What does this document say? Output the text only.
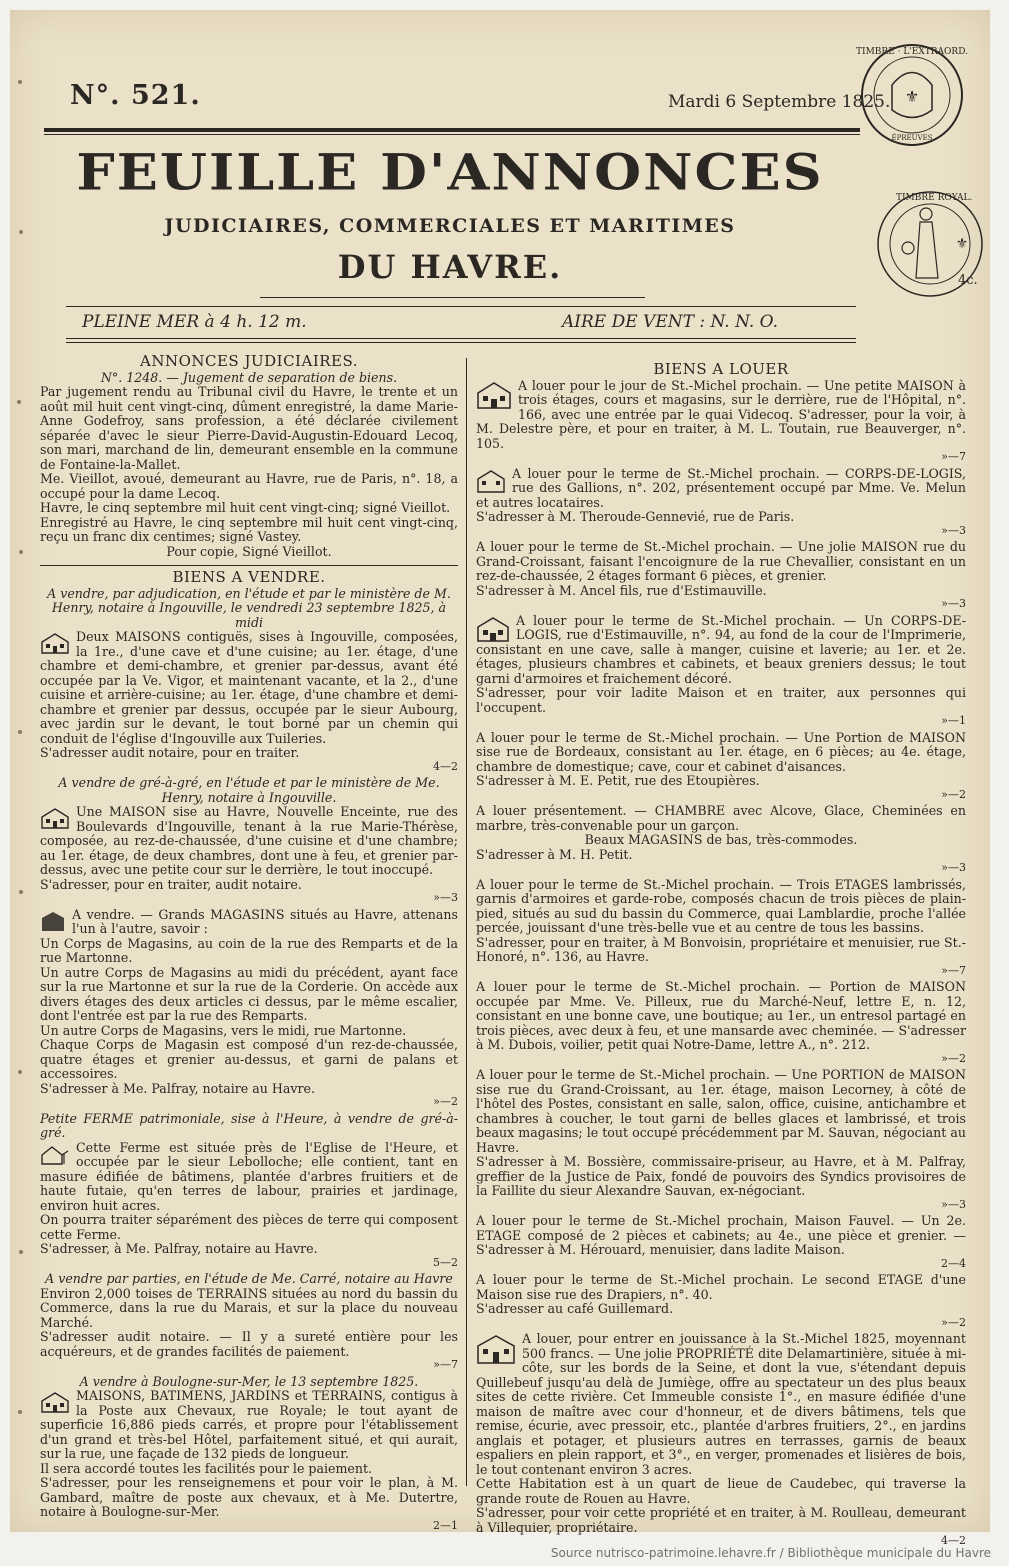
N°. 521.	Mardi 6 Septembre 1825.
FEUILLE D'ANNONCES
JUDICIAIRES, COMMERCIALES ET MARITIMES
DU HAVRE.
PLEINE MER à 4 h. 12 m.	AIRE DE VENT : N. N. O.
⚜
TIMBRE · L'EXTRAORD.
ÉPREUVES
⚜
4c.
TIMBRE ROYAL.
ANNONCES JUDICIAIRES.

N°. 1248. — Jugement de separation de biens.

Par jugement rendu au Tribunal civil du Havre, le trente et un août mil huit cent vingt-cinq, dûment enregistré, la dame Marie-Anne Godefroy, sans profession, a été déclarée civilement séparée d'avec le sieur Pierre-David-Augustin-Edouard Lecoq, son mari, marchand de lin, demeurant ensemble en la commune de Fontaine-la-Mallet.

Me. Vieillot, avoué, demeurant au Havre, rue de Paris, n°. 18, a occupé pour la dame Lecoq.

Havre, le cinq septembre mil huit cent vingt-cinq; signé Vieillot.

Enregistré au Havre, le cinq septembre mil huit cent vingt-cinq, reçu un franc dix centimes; signé Vastey.

Pour copie, Signé Vieillot.

BIENS A VENDRE.

A vendre, par adjudication, en l'étude et par le ministère de M. Henry, notaire à Ingouville, le vendredi 23 septembre 1825, à midi

Deux MAISONS contiguës, sises à Ingouville, composées, la 1re., d'une cave et d'une cuisine; au 1er. étage, d'une chambre et demi-chambre, et grenier par-dessus, avant été occupée par la Ve. Vigor, et maintenant vacante, et la 2., d'une cuisine et arrière-cuisine; au 1er. étage, d'une chambre et demi-chambre et grenier par dessus, occupée par le sieur Aubourg, avec jardin sur le devant, le tout borné par un chemin qui conduit de l'église d'Ingouville aux Tuileries.

S'adresser audit notaire, pour en traiter.

4—2

A vendre de gré-à-gré, en l'étude et par le ministère de Me. Henry, notaire à Ingouville.

Une MAISON sise au Havre, Nouvelle Enceinte, rue des Boulevards d'Ingouville, tenant à la rue Marie-Thérèse, composée, au rez-de-chaussée, d'une cuisine et d'une chambre; au 1er. étage, de deux chambres, dont une à feu, et grenier par-dessus, avec une petite cour sur le derrière, le tout inoccupé.

S'adresser, pour en traiter, audit notaire.

»—3

A vendre. — Grands MAGASINS situés au Havre, attenans l'un à l'autre, savoir :

Un Corps de Magasins, au coin de la rue des Remparts et de la rue Martonne.

Un autre Corps de Magasins au midi du précédent, ayant face sur la rue Martonne et sur la rue de la Corderie. On accède aux divers étages des deux articles ci dessus, par le même escalier, dont l'entrée est par la rue des Remparts.

Un autre Corps de Magasins, vers le midi, rue Martonne.

Chaque Corps de Magasin est composé d'un rez-de-chaussée, quatre étages et grenier au-dessus, et garni de palans et accessoires.

S'adresser à Me. Palfray, notaire au Havre.

»—2

Petite FERME patrimoniale, sise à l'Heure, à vendre de gré-à-gré.

Cette Ferme est située près de l'Eglise de l'Heure, et occupée par le sieur Lebolloche; elle contient, tant en masure édifiée de bâtimens, plantée d'arbres fruitiers et de haute futaie, qu'en terres de labour, prairies et jardinage, environ huit acres.

On pourra traiter séparément des pièces de terre qui composent cette Ferme.

S'adresser, à Me. Palfray, notaire au Havre.

5—2

A vendre par parties, en l'étude de Me. Carré, notaire au Havre

Environ 2,000 toises de TERRAINS situées au nord du bassin du Commerce, dans la rue du Marais, et sur la place du nouveau Marché.

S'adresser audit notaire. — Il y a sureté entière pour les acquéreurs, et de grandes facilités de paiement.

»—7

A vendre à Boulogne-sur-Mer, le 13 septembre 1825.

MAISONS, BATIMENS, JARDINS et TERRAINS, contigus à la Poste aux Chevaux, rue Royale; le tout ayant de superficie 16,886 pieds carrés, et propre pour l'établissement d'un grand et très-bel Hôtel, parfaitement situé, et qui aurait, sur la rue, une façade de 132 pieds de longueur.

Il sera accordé toutes les facilités pour le paiement.

S'adresser, pour les renseignemens et pour voir le plan, à M. Gambard, maître de poste aux chevaux, et à Me. Dutertre, notaire à Boulogne-sur-Mer.

2—1
BIENS A LOUER

A louer pour le jour de St.-Michel prochain. — Une petite MAISON à trois étages, cours et magasins, sur le derrière, rue de l'Hôpital, n°. 166, avec une entrée par le quai Videcoq. S'adresser, pour la voir, à M. Delestre père, et pour en traiter, à M. L. Toutain, rue Beauverger, n°. 105.

»—7

A louer pour le terme de St.-Michel prochain. — CORPS-DE-LOGIS, rue des Gallions, n°. 202, présentement occupé par Mme. Ve. Melun et autres locataires.

S'adresser à M. Theroude-Gennevié, rue de Paris.

»—3

A louer pour le terme de St.-Michel prochain. — Une jolie MAISON rue du Grand-Croissant, faisant l'encoignure de la rue Chevallier, consistant en un rez-de-chaussée, 2 étages formant 6 pièces, et grenier.

S'adresser à M. Ancel fils, rue d'Estimauville.

»—3

A louer pour le terme de St.-Michel prochain. — Un CORPS-DE-LOGIS, rue d'Estimauville, n°. 94, au fond de la cour de l'Imprimerie, consistant en une cave, salle à manger, cuisine et laverie; au 1er. et 2e. étages, plusieurs chambres et cabinets, et beaux greniers dessus; le tout garni d'armoires et fraichement décoré.

S'adresser, pour voir ladite Maison et en traiter, aux personnes qui l'occupent.

»—1

A louer pour le terme de St.-Michel prochain. — Une Portion de MAISON sise rue de Bordeaux, consistant au 1er. étage, en 6 pièces; au 4e. étage, chambre de domestique; cave, cour et cabinet d'aisances.

S'adresser à M. E. Petit, rue des Etoupières.

»—2

A louer présentement. — CHAMBRE avec Alcove, Glace, Cheminées en marbre, très-convenable pour un garçon.

Beaux MAGASINS de bas, très-commodes.

S'adresser à M. H. Petit.

»—3

A louer pour le terme de St.-Michel prochain. — Trois ETAGES lambrissés, garnis d'armoires et garde-robe, composés chacun de trois pièces de plain-pied, situés au sud du bassin du Commerce, quai Lamblardie, proche l'allée percée, jouissant d'une très-belle vue et au centre de tous les bassins.

S'adresser, pour en traiter, à M Bonvoisin, propriétaire et menuisier, rue St.-Honoré, n°. 136, au Havre.

»—7

A louer pour le terme de St.-Michel prochain. — Portion de MAISON occupée par Mme. Ve. Pilleux, rue du Marché-Neuf, lettre E, n. 12, consistant en une bonne cave, une boutique; au 1er., un entresol partagé en trois pièces, avec deux à feu, et une mansarde avec cheminée. — S'adresser à M. Dubois, voilier, petit quai Notre-Dame, lettre A., n°. 212.

»—2

A louer pour le terme de St.-Michel prochain. — Une PORTION de MAISON sise rue du Grand-Croissant, au 1er. étage, maison Lecorney, à côté de l'hôtel des Postes, consistant en salle, salon, office, cuisine, antichambre et chambres à coucher, le tout garni de belles glaces et lambrissé, et trois beaux magasins; le tout occupé précédemment par M. Sauvan, négociant au Havre.

S'adresser à M. Bossière, commissaire-priseur, au Havre, et à M. Palfray, greffier de la Justice de Paix, fondé de pouvoirs des Syndics provisoires de la Faillite du sieur Alexandre Sauvan, ex-négociant.

»—3

A louer pour le terme de St.-Michel prochain, Maison Fauvel. — Un 2e. ETAGE composé de 2 pièces et cabinets; au 4e., une pièce et grenier. — S'adresser à M. Hérouard, menuisier, dans ladite Maison.

2—4

A louer pour le terme de St.-Michel prochain. Le second ETAGE d'une Maison sise rue des Drapiers, n°. 40.

S'adresser au café Guillemard.

»—2

A louer, pour entrer en jouissance à la St.-Michel 1825, moyennant 500 francs. — Une jolie PROPRIÉTÉ dite Delamartinière, située à mi-côte, sur les bords de la Seine, et dont la vue, s'étendant depuis Quillebeuf jusqu'au delà de Jumiège, offre au spectateur un des plus beaux sites de cette rivière. Cet Immeuble consiste 1°., en masure édifiée d'une maison de maître avec cour d'honneur, et de divers bâtimens, tels que remise, écurie, avec pressoir, etc., plantée d'arbres fruitiers, 2°., en jardins anglais et potager, et plusieurs autres en terrasses, garnis de beaux espaliers en plein rapport, et 3°., en verger, promenades et lisières de bois, le tout contenant environ 3 acres.

Cette Habitation est à un quart de lieue de Caudebec, qui traverse la grande route de Rouen au Havre.

S'adresser, pour voir cette propriété et en traiter, à M. Roulleau, demeurant à Villequier, propriétaire.

4—2
Source nutrisco-patrimoine.lehavre.fr / Bibliothèque municipale du Havre
